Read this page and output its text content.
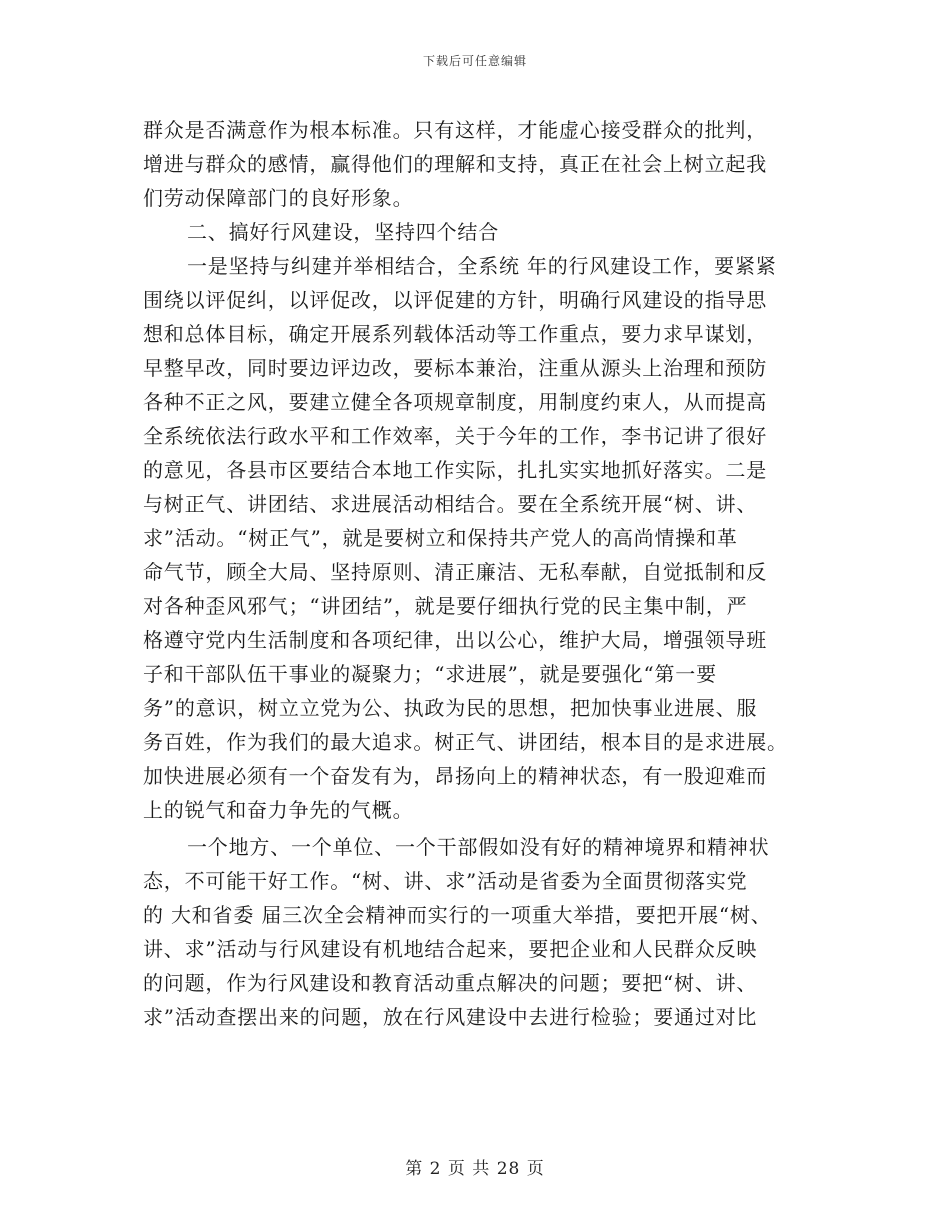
下载后可任意编辑
群众是否满意作为根本标准。只有这样，才能虚心接受群众的批判，
增进与群众的感情，赢得他们的理解和支持，真正在社会上树立起我
们劳动保障部门的良好形象。
二、搞好行风建设，坚持四个结合
一是坚持与纠建并举相结合，全系统 年的行风建设工作，要紧紧
围绕以评促纠，以评促改，以评促建的方针，明确行风建设的指导思
想和总体目标，确定开展系列载体活动等工作重点，要力求早谋划，
早整早改，同时要边评边改，要标本兼治，注重从源头上治理和预防
各种不正之风，要建立健全各项规章制度，用制度约束人，从而提高
全系统依法行政水平和工作效率，关于今年的工作，李书记讲了很好
的意见，各县市区要结合本地工作实际，扎扎实实地抓好落实。二是
与树正气、讲团结、求进展活动相结合。要在全系统开展“树、讲、
求”活动。“树正气”，就是要树立和保持共产党人的高尚情操和革
命气节，顾全大局、坚持原则、清正廉洁、无私奉献，自觉抵制和反
对各种歪风邪气；“讲团结”，就是要仔细执行党的民主集中制，严
格遵守党内生活制度和各项纪律，出以公心，维护大局，增强领导班
子和干部队伍干事业的凝聚力；“求进展”，就是要强化“第一要
务”的意识，树立立党为公、执政为民的思想，把加快事业进展、服
务百姓，作为我们的最大追求。树正气、讲团结，根本目的是求进展。
加快进展必须有一个奋发有为，昂扬向上的精神状态，有一股迎难而
上的锐气和奋力争先的气概。
一个地方、一个单位、一个干部假如没有好的精神境界和精神状
态，不可能干好工作。“树、讲、求”活动是省委为全面贯彻落实党
的 大和省委 届三次全会精神而实行的一项重大举措，要把开展“树、
讲、求”活动与行风建设有机地结合起来，要把企业和人民群众反映
的问题，作为行风建设和教育活动重点解决的问题；要把“树、讲、
求”活动查摆出来的问题，放在行风建设中去进行检验；要通过对比
第 2 页 共 28 页
